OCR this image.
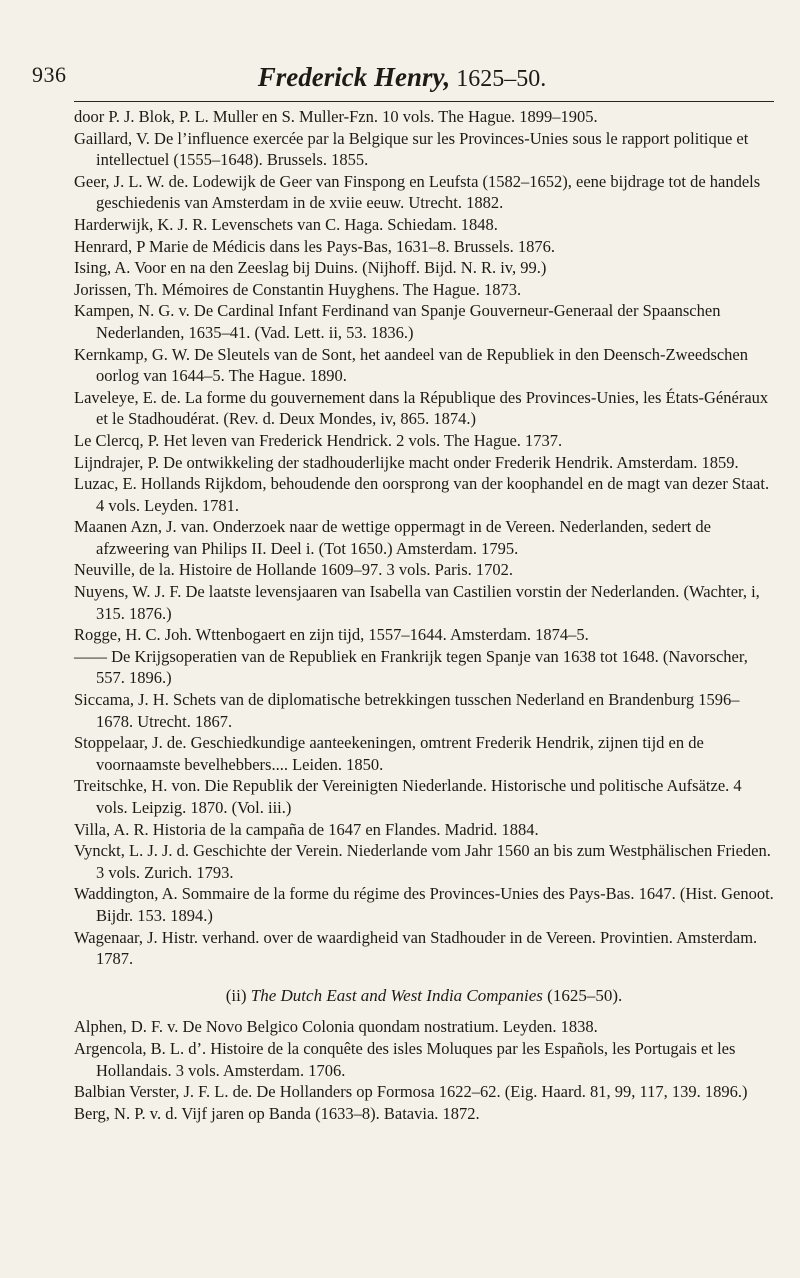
936	Frederick Henry, 1625–50.

door P. J. Blok, P. L. Muller en S. Muller-Fzn. 10 vols. The Hague. 1899–1905.

Gaillard, V. De l’influence exercée par la Belgique sur les Provinces-Unies sous le rapport politique et intellectuel (1555–1648). Brussels. 1855.

Geer, J. L. W. de. Lodewijk de Geer van Finspong en Leufsta (1582–1652), eene bijdrage tot de handels geschiedenis van Amsterdam in de xviie eeuw. Utrecht. 1882.

Harderwijk, K. J. R. Levenschets van C. Haga. Schiedam. 1848.

Henrard, P Marie de Médicis dans les Pays-Bas, 1631–8. Brussels. 1876.

Ising, A. Voor en na den Zeeslag bij Duins. (Nijhoff. Bijd. N. R. iv, 99.)

Jorissen, Th. Mémoires de Constantin Huyghens. The Hague. 1873.

Kampen, N. G. v. De Cardinal Infant Ferdinand van Spanje Gouverneur-Generaal der Spaanschen Nederlanden, 1635–41. (Vad. Lett. ii, 53. 1836.)

Kernkamp, G. W. De Sleutels van de Sont, het aandeel van de Republiek in den Deensch-Zweedschen oorlog van 1644–5. The Hague. 1890.

Laveleye, E. de. La forme du gouvernement dans la République des Provinces-Unies, les États-Généraux et le Stadhoudérat. (Rev. d. Deux Mondes, iv, 865. 1874.)

Le Clercq, P. Het leven van Frederick Hendrick. 2 vols. The Hague. 1737.

Lijndrajer, P. De ontwikkeling der stadhouderlijke macht onder Frederik Hendrik. Amsterdam. 1859.

Luzac, E. Hollands Rijkdom, behoudende den oorsprong van der koophandel en de magt van dezer Staat. 4 vols. Leyden. 1781.

Maanen Azn, J. van. Onderzoek naar de wettige oppermagt in de Vereen. Nederlanden, sedert de afzweering van Philips II. Deel i. (Tot 1650.) Amsterdam. 1795.

Neuville, de la. Histoire de Hollande 1609–97. 3 vols. Paris. 1702.

Nuyens, W. J. F. De laatste levensjaaren van Isabella van Castilien vorstin der Nederlanden. (Wachter, i, 315. 1876.)

Rogge, H. C. Joh. Wttenbogaert en zijn tijd, 1557–1644. Amsterdam. 1874–5.

—— De Krijgsoperatien van de Republiek en Frankrijk tegen Spanje van 1638 tot 1648. (Navorscher, 557. 1896.)

Siccama, J. H. Schets van de diplomatische betrekkingen tusschen Nederland en Brandenburg 1596–1678. Utrecht. 1867.

Stoppelaar, J. de. Geschiedkundige aanteekeningen, omtrent Frederik Hendrik, zijnen tijd en de voornaamste bevelhebbers.... Leiden. 1850.

Treitschke, H. von. Die Republik der Vereinigten Niederlande. Historische und politische Aufsätze. 4 vols. Leipzig. 1870. (Vol. iii.)

Villa, A. R. Historia de la campaña de 1647 en Flandes. Madrid. 1884.

Vynckt, L. J. J. d. Geschichte der Verein. Niederlande vom Jahr 1560 an bis zum Westphälischen Frieden. 3 vols. Zurich. 1793.

Waddington, A. Sommaire de la forme du régime des Provinces-Unies des Pays-Bas. 1647. (Hist. Genoot. Bijdr. 153. 1894.)

Wagenaar, J. Histr. verhand. over de waardigheid van Stadhouder in de Vereen. Provintien. Amsterdam. 1787.

(ii) The Dutch East and West India Companies (1625–50).

Alphen, D. F. v. De Novo Belgico Colonia quondam nostratium. Leyden. 1838.

Argencola, B. L. d’. Histoire de la conquête des isles Moluques par les Españols, les Portugais et les Hollandais. 3 vols. Amsterdam. 1706.

Balbian Verster, J. F. L. de. De Hollanders op Formosa 1622–62. (Eig. Haard. 81, 99, 117, 139. 1896.)

Berg, N. P. v. d. Vijf jaren op Banda (1633–8). Batavia. 1872.
